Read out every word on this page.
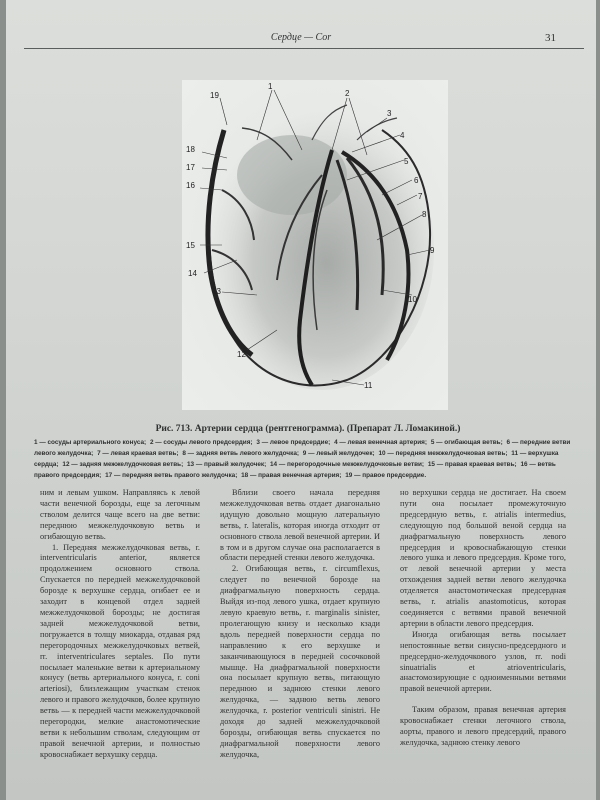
Сердце — Cor	31
1
2
3
4
5
6
7
8
9
10
11
12
13
14
15
16
17
18
19
Рис. 713. Артерии сердца (рентгенограмма). (Препарат Л. Ломакиной.)
1 — сосуды артериального конуса; 2 — сосуды левого предсердия; 3 — левое предсердие; 4 — левая венечная артерия; 5 — огибающая ветвь; 6 — передние ветви левого желудочка; 7 — левая краевая ветвь; 8 — задняя ветвь левого желудочка; 9 — левый желудочек; 10 — передняя межжелудочковая ветвь; 11 — верхушка сердца; 12 — задняя межжелудочковая ветвь; 13 — правый желудочек; 14 — перегородочные межжелудочковые ветви; 15 — правая краевая ветвь; 16 — ветвь правого предсердия; 17 — передняя ветвь правого желудочка; 18 — правая венечная артерия; 19 — правое предсердие.

ним и левым ушком. Направляясь к левой части венечной борозды, еще за легочным стволом делится чаще всего на две ветви: переднюю межжелудочковую ветвь и огибающую ветвь.

1. Передняя межжелудочковая ветвь, r. interventricularis anterior, является продолжением основного ствола. Спускается по передней межжелудочковой борозде к верхушке сердца, огибает ее и заходит в концевой отдел задней межжелудочковой борозды; не достигая задней межжелудочковой ветви, погружается в толщу миокарда, отдавая ряд перегородочных межжелудочковых ветвей, rr. interventriculares septales. По пути посылает маленькие ветви к артериальному конусу (ветвь артериального конуса, r. coni arteriosi), близлежащим участкам стенок левого и правого желудочков, более крупную ветвь — к передней части межжелудочковой перегородки, мелкие анастомотические ветви к небольшим стволам, следующим от правой венечной артерии, и полностью кровоснабжает верхушку сердца.

Вблизи своего начала передняя межжелудочковая ветвь отдает диагонально идущую довольно мощную латеральную ветвь, r. lateralis, которая иногда отходит от основного ствола левой венечной артерии. И в том и в другом случае она располагается в области передней стенки левого желудочка.

2. Огибающая ветвь, r. circumflexus, следует по венечной борозде на диафрагмальную поверхность сердца. Выйдя из-под левого ушка, отдает крупную левую краевую ветвь, r. marginalis sinister, пролегающую книзу и несколько кзади вдоль передней поверхности сердца по направлению к его верхушке и заканчивающуюся в передней сосочковой мышце. На диафрагмальной поверхности она посылает крупную ветвь, питающую переднюю и заднюю стенки левого желудочка, — заднюю ветвь левого желудочка, r. posterior ventriculi sinistri. Не доходя до задней межжелудочковой борозды, огибающая ветвь спускается по диафрагмальной поверхности левого желудочка,

но верхушки сердца не достигает. На своем пути она посылает промежуточную предсердную ветвь, r. atrialis intermedius, следующую под большой веной сердца на диафрагмальную поверхность левого предсердия и кровоснабжающую стенки левого ушка и левого предсердия. Кроме того, от левой венечной артерии у места отхождения задней ветви левого желудочка отделяется анастомотическая предсердная ветвь, r. atrialis anastomoticus, которая соединяется с ветвями правой венечной артерии в области левого предсердия.

Иногда огибающая ветвь посылает непостоянные ветви синусно-предсердного и предсердно-желудочкового узлов, rr. nodi sinuatrialis et atrioventricularis, анастомозирующие с одноименными ветвями правой венечной артерии.

Таким образом, правая венечная артерия кровоснабжает стенки легочного ствола, аорты, правого и левого предсердий, правого желудочка, заднюю стенку левого
